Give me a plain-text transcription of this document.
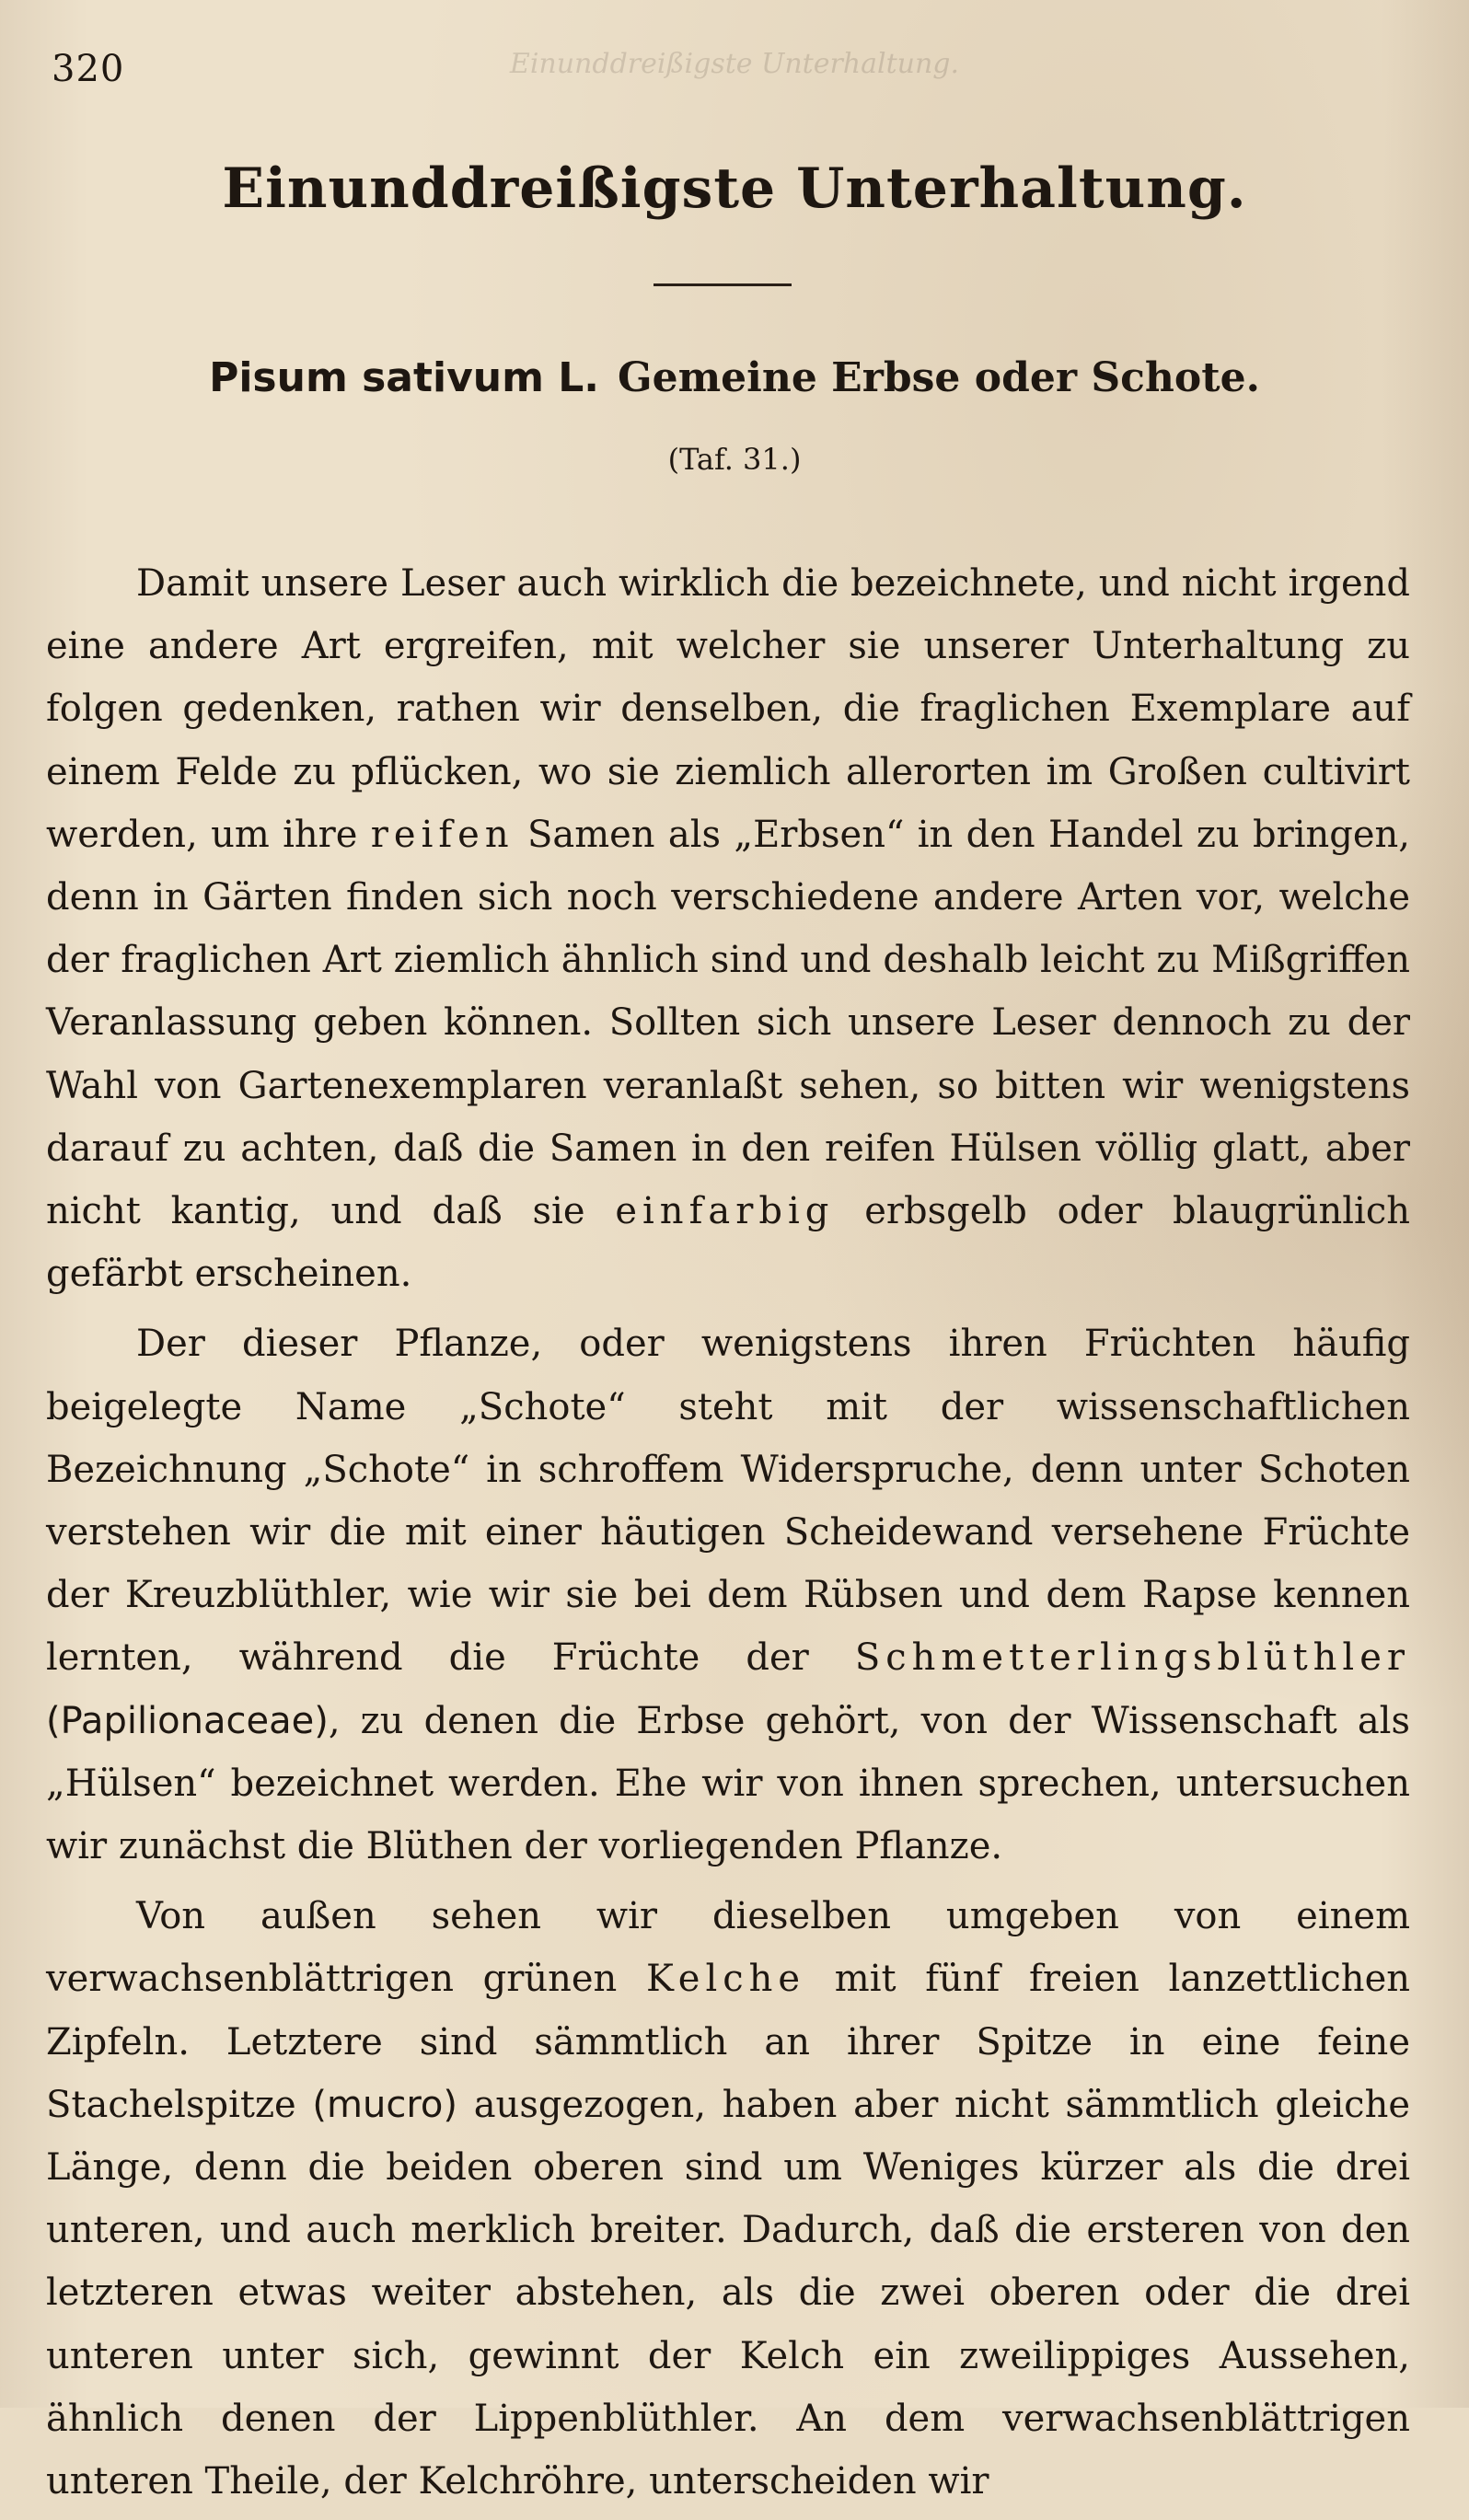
320	Einunddreißigste Unterhaltung.
Einunddreißigste Unterhaltung.
Pisum sativum L. Gemeine Erbse oder Schote.
(Taf. 31.)

Damit unsere Leser auch wirklich die bezeichnete, und nicht irgend eine andere Art ergreifen, mit welcher sie unserer Unterhaltung zu folgen gedenken, rathen wir denselben, die fraglichen Exemplare auf einem Felde zu pflücken, wo sie ziemlich allerorten im Großen cultivirt werden, um ihre reifen Samen als „Erbsen“ in den Handel zu bringen, denn in Gärten finden sich noch verschiedene andere Arten vor, welche der fraglichen Art ziemlich ähnlich sind und deshalb leicht zu Mißgriffen Veranlassung geben können. Sollten sich unsere Leser dennoch zu der Wahl von Gartenexemplaren veranlaßt sehen, so bitten wir wenigstens darauf zu achten, daß die Samen in den reifen Hülsen völlig glatt, aber nicht kantig, und daß sie einfarbig erbsgelb oder blaugrünlich gefärbt erscheinen.

Der dieser Pflanze, oder wenigstens ihren Früchten häufig beigelegte Name „Schote“ steht mit der wissenschaftlichen Bezeichnung „Schote“ in schroffem Widerspruche, denn unter Schoten verstehen wir die mit einer häutigen Scheidewand versehene Früchte der Kreuzblüthler, wie wir sie bei dem Rübsen und dem Rapse kennen lernten, während die Früchte der Schmetterlingsblüthler (Papilionaceae), zu denen die Erbse gehört, von der Wissenschaft als „Hülsen“ bezeichnet werden. Ehe wir von ihnen sprechen, untersuchen wir zunächst die Blüthen der vorliegenden Pflanze.

Von außen sehen wir dieselben umgeben von einem verwachsenblättrigen grünen Kelche mit fünf freien lanzettlichen Zipfeln. Letztere sind sämmtlich an ihrer Spitze in eine feine Stachelspitze (mucro) ausgezogen, haben aber nicht sämmtlich gleiche Länge, denn die beiden oberen sind um Weniges kürzer als die drei unteren, und auch merklich breiter. Dadurch, daß die ersteren von den letzteren etwas weiter abstehen, als die zwei oberen oder die drei unteren unter sich, gewinnt der Kelch ein zweilippiges Aussehen, ähnlich denen der Lippenblüthler. An dem verwachsenblättrigen unteren Theile, der Kelchröhre, unterscheiden wir
